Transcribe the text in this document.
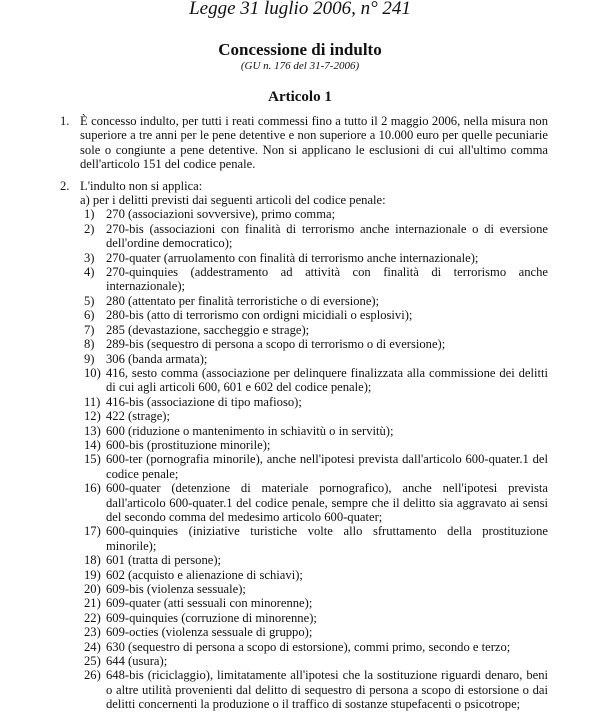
Legge 31 luglio 2006, n° 241
Concessione di indulto
(GU n. 176 del 31-7-2006)
Articolo 1
1. È concesso indulto, per tutti i reati commessi fino a tutto il 2 maggio 2006, nella misura non superiore a tre anni per le pene detentive e non superiore a 10.000 euro per quelle pecuniarie sole o congiunte a pene detentive. Non si applicano le esclusioni di cui all'ultimo comma dell'articolo 151 del codice penale.
2. L'indulto non si applica:
a) per i delitti previsti dai seguenti articoli del codice penale:
1) 270 (associazioni sovversive), primo comma;
2) 270-bis (associazioni con finalità di terrorismo anche internazionale o di eversione dell'ordine democratico);
3) 270-quater (arruolamento con finalità di terrorismo anche internazionale);
4) 270-quinquies (addestramento ad attività con finalità di terrorismo anche internazionale);
5) 280 (attentato per finalità terroristiche o di eversione);
6) 280-bis (atto di terrorismo con ordigni micidiali o esplosivi);
7) 285 (devastazione, saccheggio e strage);
8) 289-bis (sequestro di persona a scopo di terrorismo o di eversione);
9) 306 (banda armata);
10) 416, sesto comma (associazione per delinquere finalizzata alla commissione dei delitti di cui agli articoli 600, 601 e 602 del codice penale);
11) 416-bis (associazione di tipo mafioso);
12) 422 (strage);
13) 600 (riduzione o mantenimento in schiavitù o in servitù);
14) 600-bis (prostituzione minorile);
15) 600-ter (pornografia minorile), anche nell'ipotesi prevista dall'articolo 600-quater.1 del codice penale;
16) 600-quater (detenzione di materiale pornografico), anche nell'ipotesi prevista dall'articolo 600-quater.1 del codice penale, sempre che il delitto sia aggravato ai sensi del secondo comma del medesimo articolo 600-quater;
17) 600-quinquies (iniziative turistiche volte allo sfruttamento della prostituzione minorile);
18) 601 (tratta di persone);
19) 602 (acquisto e alienazione di schiavi);
20) 609-bis (violenza sessuale);
21) 609-quater (atti sessuali con minorenne);
22) 609-quinquies (corruzione di minorenne);
23) 609-octies (violenza sessuale di gruppo);
24) 630 (sequestro di persona a scopo di estorsione), commi primo, secondo e terzo;
25) 644 (usura);
26) 648-bis (riciclaggio), limitatamente all'ipotesi che la sostituzione riguardi denaro, beni o altre utilità provenienti dal delitto di sequestro di persona a scopo di estorsione o dai delitti concernenti la produzione o il traffico di sostanze stupefacenti o psicotrope;
